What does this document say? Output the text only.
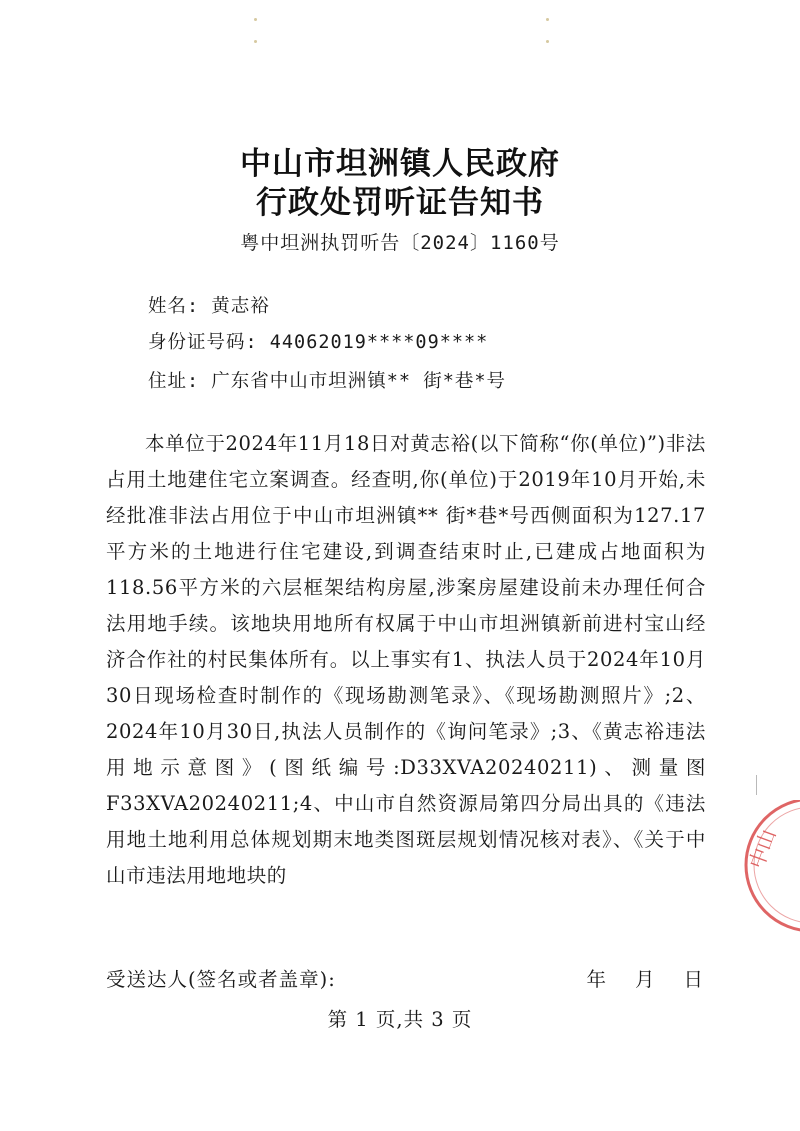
中山市坦洲镇人民政府
行政处罚听证告知书
粤中坦洲执罚听告〔2024〕1160号
姓名: 黄志裕
身份证号码: 44062019****09****
住址: 广东省中山市坦洲镇** 街*巷*号
本单位于2024年11月18日对黄志裕(以下简称“你(单位)”)非法占用土地建住宅立案调查。经查明,你(单位)于2019年10月开始,未经批准非法占用位于中山市坦洲镇** 街*巷*号西侧面积为127.17平方米的土地进行住宅建设,到调查结束时止,已建成占地面积为118.56平方米的六层框架结构房屋,涉案房屋建设前未办理任何合法用地手续。该地块用地所有权属于中山市坦洲镇新前进村宝山经济合作社的村民集体所有。以上事实有1、执法人员于2024年10月30日现场检查时制作的《现场勘测笔录》、《现场勘测照片》;2、2024年10月30日,执法人员制作的《询问笔录》;3、《黄志裕违法用地示意图》(图纸编号:D33XVA20240211)、测量图F33XVA20240211;4、中山市自然资源局第四分局出具的《违法用地土地利用总体规划期末地类图斑层规划情况核对表》、《关于中山市违法用地地块的
中山
受送达人(签名或者盖章):	年 月 日
第 1 页,共 3 页
